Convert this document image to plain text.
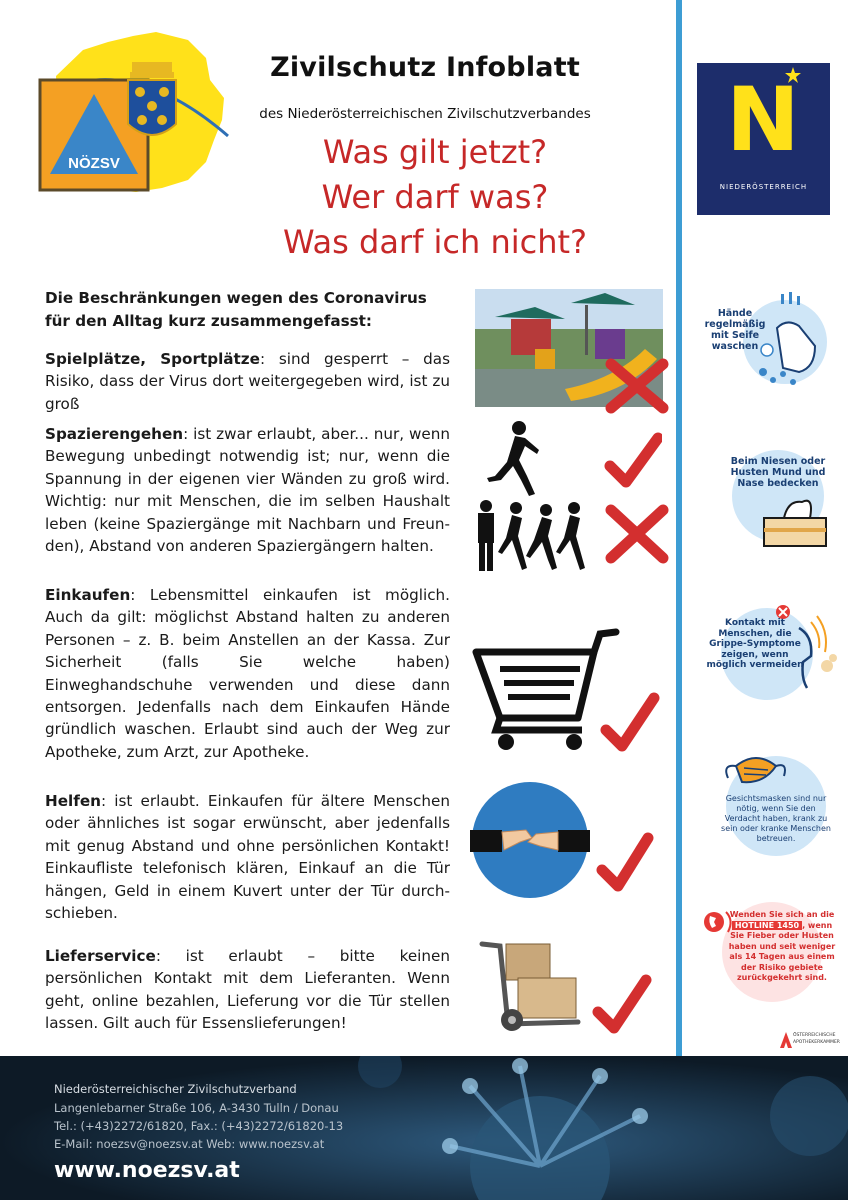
NÖZSV
Zivilschutz Infoblatt
des Niederösterreichischen Zivilschutzverbandes
Was gilt jetzt?
Wer darf was?
Was darf ich nicht?
N
NIEDERÖSTERREICH
Hände regelmäßig mit Seife waschen
Beim Niesen oder Husten Mund und Nase bedecken
Kontakt mit Menschen, die Grippe-Symptome zeigen, wenn möglich vermeiden
Gesichtsmasken sind nur nötig, wenn Sie den Verdacht haben, krank zu sein oder kranke Menschen betreuen.
Wenden Sie sich an die HOTLINE 1450 , wenn Sie Fieber oder Husten haben und seit weniger als 14 Tagen aus einem der Risiko gebiete zurückgekehrt sind.
ÖSTERREICHISCHE
APOTHEKERKAMMER
Die Beschränkungen wegen des Coronavirus für den Alltag kurz zusammengefasst:
Spielplätze, Sportplätze: sind gesperrt – das Risiko, dass der Virus dort weitergegeben wird, ist zu groß
Spazierengehen: ist zwar erlaubt, aber... nur, wenn Bewegung unbedingt notwendig ist; nur, wenn die Spannung in der eigenen vier Wänden zu groß wird. Wichtig: nur mit Menschen, die im selben Haushalt leben (keine Spaziergänge mit Nachbarn und Freunden), Abstand von anderen Spaziergängern halten.
Einkaufen: Lebensmittel einkaufen ist möglich. Auch da gilt: möglichst Abstand halten zu anderen Personen – z. B. beim Anstellen an der Kassa. Zur Sicherheit (falls Sie welche haben) Einweghandschuhe verwenden und diese dann entsorgen. Jedenfalls nach dem Einkaufen Hände gründlich waschen. Erlaubt sind auch der Weg zur Apotheke, zum Arzt, zur Apotheke.
Helfen: ist erlaubt. Einkaufen für ältere Menschen oder ähnliches ist sogar erwünscht, aber jedenfalls mit genug Abstand und ohne persönlichen Kontakt! Einkaufliste telefonisch klären, Einkauf an die Tür hängen, Geld in einem Kuvert unter der Tür durchschieben.
Lieferservice: ist erlaubt – bitte keinen persönlichen Kontakt mit dem Lieferanten. Wenn geht, online bezahlen, Lieferung vor die Tür stellen lassen. Gilt auch für Essenslieferungen!
Niederösterreichischer Zivilschutzverband
Langenlebarner Straße 106, A-3430 Tulln / Donau
Tel.: (+43)2272/61820, Fax.: (+43)2272/61820-13
E-Mail: noezsv@noezsv.at Web: www.noezsv.at
www.noezsv.at
